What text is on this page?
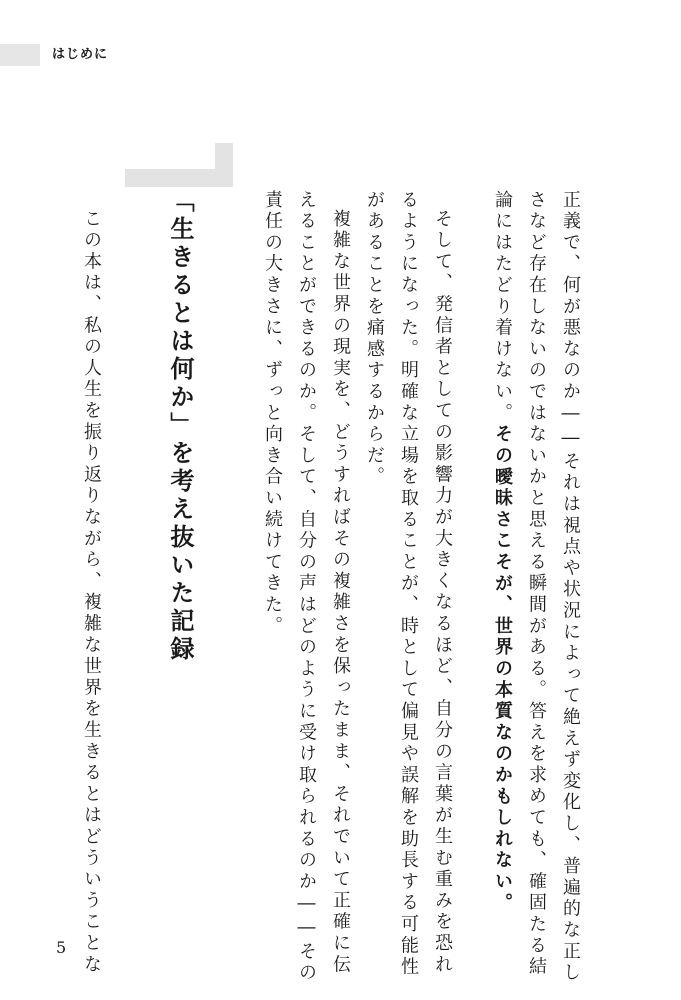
はじめに
正義で、何が悪なのか――それは視点や状況によって絶えず変化し、普遍的な正し
さなど存在しないのではないかと思える瞬間がある。答えを求めても、確固たる結
論にはたどり着けない。その曖昧さこそが、世界の本質なのかもしれない。
そして、発信者としての影響力が大きくなるほど、自分の言葉が生む重みを恐れ
るようになった。明確な立場を取ることが、時として偏見や誤解を助長する可能性
があることを痛感するからだ。
複雑な世界の現実を、どうすればその複雑さを保ったまま、それでいて正確に伝
えることができるのか。そして、自分の声はどのように受け取られるのか――その
責任の大きさに、ずっと向き合い続けてきた。
「生きるとは何か」を考え抜いた記録
この本は、私の人生を振り返りながら、複雑な世界を生きるとはどういうことな
5
